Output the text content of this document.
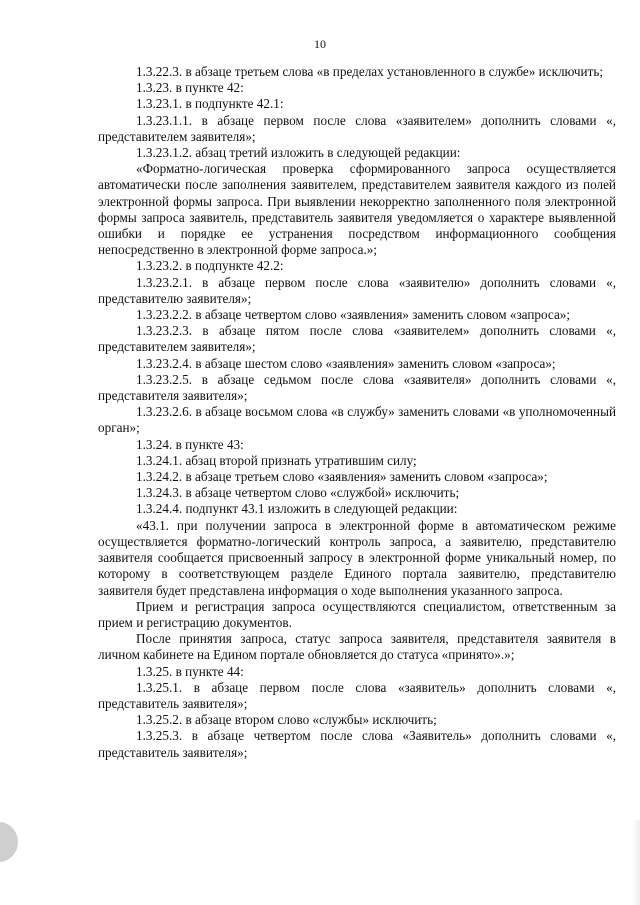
10

1.3.22.3. в абзаце третьем слова «в пределах установленного в службе» исключить;

1.3.23. в пункте 42:

1.3.23.1. в подпункте 42.1:

1.3.23.1.1. в абзаце первом после слова «заявителем» дополнить словами «, представителем заявителя»;

1.3.23.1.2. абзац третий изложить в следующей редакции:

«Форматно-логическая проверка сформированного запроса осуществляется автоматически после заполнения заявителем, представителем заявителя каждого из полей электронной формы запроса. При выявлении некорректно заполненного поля электронной формы запроса заявитель, представитель заявителя уведомляется о характере выявленной ошибки и порядке ее устранения посредством информационного сообщения непосредственно в электронной форме запроса.»;

1.3.23.2. в подпункте 42.2:

1.3.23.2.1. в абзаце первом после слова «заявителю» дополнить словами «, представителю заявителя»;

1.3.23.2.2. в абзаце четвертом слово «заявления» заменить словом «запроса»;

1.3.23.2.3. в абзаце пятом после слова «заявителем» дополнить словами «, представителем заявителя»;

1.3.23.2.4. в абзаце шестом слово «заявления» заменить словом «запроса»;

1.3.23.2.5. в абзаце седьмом после слова «заявителя» дополнить словами «, представителя заявителя»;

1.3.23.2.6. в абзаце восьмом слова «в службу» заменить словами «в уполномоченный орган»;

1.3.24. в пункте 43:

1.3.24.1. абзац второй признать утратившим силу;

1.3.24.2. в абзаце третьем слово «заявления» заменить словом «запроса»;

1.3.24.3. в абзаце четвертом слово «службой» исключить;

1.3.24.4. подпункт 43.1 изложить в следующей редакции:

«43.1. при получении запроса в электронной форме в автоматическом режиме осуществляется форматно-логический контроль запроса, а заявителю, представителю заявителя сообщается присвоенный запросу в электронной форме уникальный номер, по которому в соответствующем разделе Единого портала заявителю, представителю заявителя будет представлена информация о ходе выполнения указанного запроса.

Прием и регистрация запроса осуществляются специалистом, ответственным за прием и регистрацию документов.

После принятия запроса, статус запроса заявителя, представителя заявителя в личном кабинете на Едином портале обновляется до статуса «принято».»;

1.3.25. в пункте 44:

1.3.25.1. в абзаце первом после слова «заявитель» дополнить словами «, представитель заявителя»;

1.3.25.2. в абзаце втором слово «службы» исключить;

1.3.25.3. в абзаце четвертом после слова «Заявитель» дополнить словами «, представитель заявителя»;
